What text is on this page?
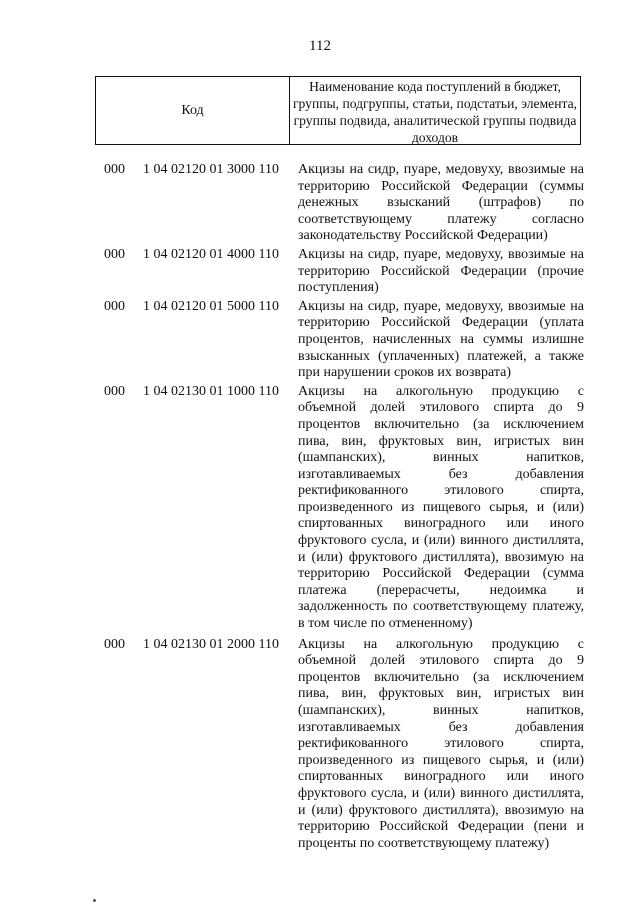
112
Код
Наименование кода поступлений в бюджет, группы, подгруппы, статьи, подстатьи, элемента, группы подвида, аналитической группы подвида доходов
000 1 04 02120 01 3000 110 Акцизы на сидр, пуаре, медовуху, ввозимые на территорию Российской Федерации (суммы денежных взысканий (штрафов) по соответствующему платежу согласно законодательству Российской Федерации)
000 1 04 02120 01 4000 110 Акцизы на сидр, пуаре, медовуху, ввозимые на территорию Российской Федерации (прочие поступления)
000 1 04 02120 01 5000 110 Акцизы на сидр, пуаре, медовуху, ввозимые на территорию Российской Федерации (уплата процентов, начисленных на суммы излишне взысканных (уплаченных) платежей, а также при нарушении сроков их возврата)
000 1 04 02130 01 1000 110 Акцизы на алкогольную продукцию с объемной долей этилового спирта до 9 процентов включительно (за исключением пива, вин, фруктовых вин, игристых вин (шампанских), винных напитков, изготавливаемых без добавления ректификованного этилового спирта, произведенного из пищевого сырья, и (или) спиртованных виноградного или иного фруктового сусла, и (или) винного дистиллята, и (или) фруктового дистиллята), ввозимую на территорию Российской Федерации (сумма платежа (перерасчеты, недоимка и задолженность по соответствующему платежу, в том числе по отмененному)
000 1 04 02130 01 2000 110 Акцизы на алкогольную продукцию с объемной долей этилового спирта до 9 процентов включительно (за исключением пива, вин, фруктовых вин, игристых вин (шампанских), винных напитков, изготавливаемых без добавления ректификованного этилового спирта, произведенного из пищевого сырья, и (или) спиртованных виноградного или иного фруктового сусла, и (или) винного дистиллята, и (или) фруктового дистиллята), ввозимую на территорию Российской Федерации (пени и проценты по соответствующему платежу)
